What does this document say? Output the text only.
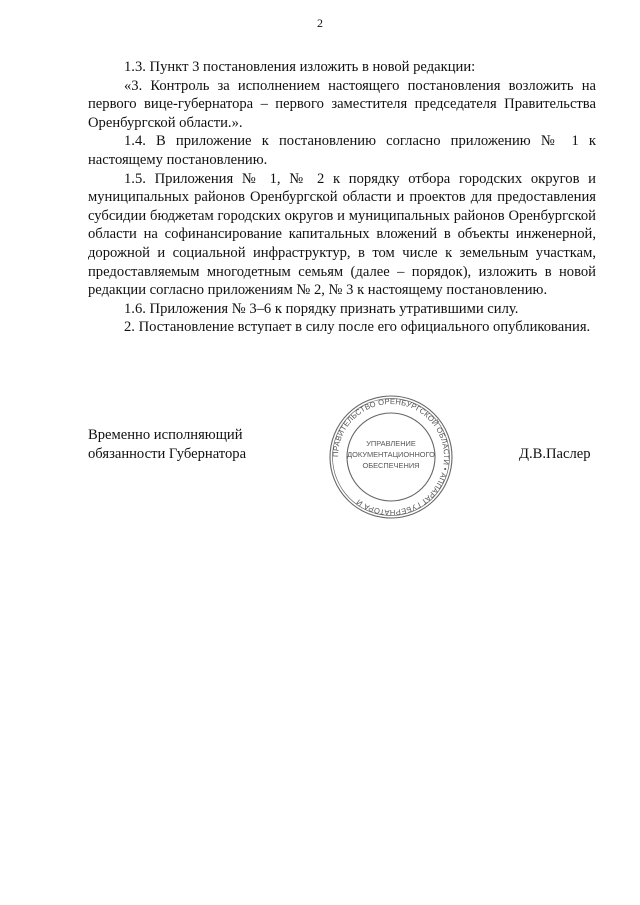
2

1.3. Пункт 3 постановления изложить в новой редакции:

«3. Контроль за исполнением настоящего постановления возложить на первого вице-губернатора – первого заместителя председателя Правительства Оренбургской области.».

1.4. В приложение к постановлению согласно приложению № 1 к настоящему постановлению.

1.5. Приложения № 1, № 2 к порядку отбора городских округов и муниципальных районов Оренбургской области и проектов для предоставления субсидии бюджетам городских округов и муниципальных районов Оренбургской области на софинансирование капитальных вложений в объекты инженерной, дорожной и социальной инфраструктур, в том числе к земельным участкам, предоставляемым многодетным семьям (далее – порядок), изложить в новой редакции согласно приложениям № 2, № 3 к настоящему постановлению.

1.6. Приложения № 3–6 к порядку признать утратившими силу.

2. Постановление вступает в силу после его официального опубликования.

Временно исполняющий
обязанности Губернатора	ПРАВИТЕЛЬСТВО ОРЕНБУРГСКОЙ ОБЛАСТИ • АППАРАТ ГУБЕРНАТОРА И
УПРАВЛЕНИЕ
ДОКУМЕНТАЦИОННОГО
ОБЕСПЕЧЕНИЯ
Д.В.Паслер
